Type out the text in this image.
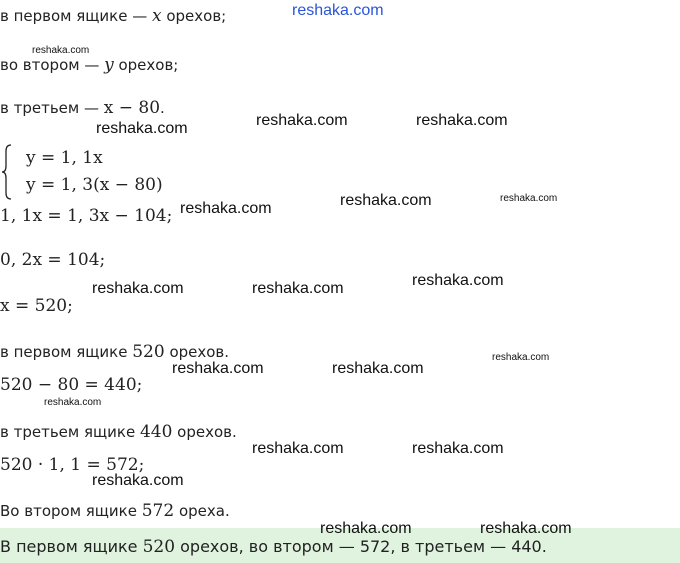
reshaka.com
в первом ящике — x орехов;
reshaka.com
во втором — y орехов;
в третьем — x − 80.
reshaka.com	reshaka.com	reshaka.com
y = 1, 1x
y = 1, 3(x − 80)
reshaka.com	reshaka.com
1, 1x = 1, 3x − 104; reshaka.com
0, 2x = 104;
reshaka.com
x = 520;
reshaka.com	reshaka.com
в первом ящике 520 орехов.	reshaka.com
520 − 80 = 440;
reshaka.com	reshaka.com
reshaka.com
в третьем ящике 440 орехов.
reshaka.com	reshaka.com
520 · 1, 1 = 572;
reshaka.com
Во втором ящике 572 ореха.
В первом ящике 520 орехов, во втором — 572, в третьем — 440.
reshaka.com	reshaka.com
